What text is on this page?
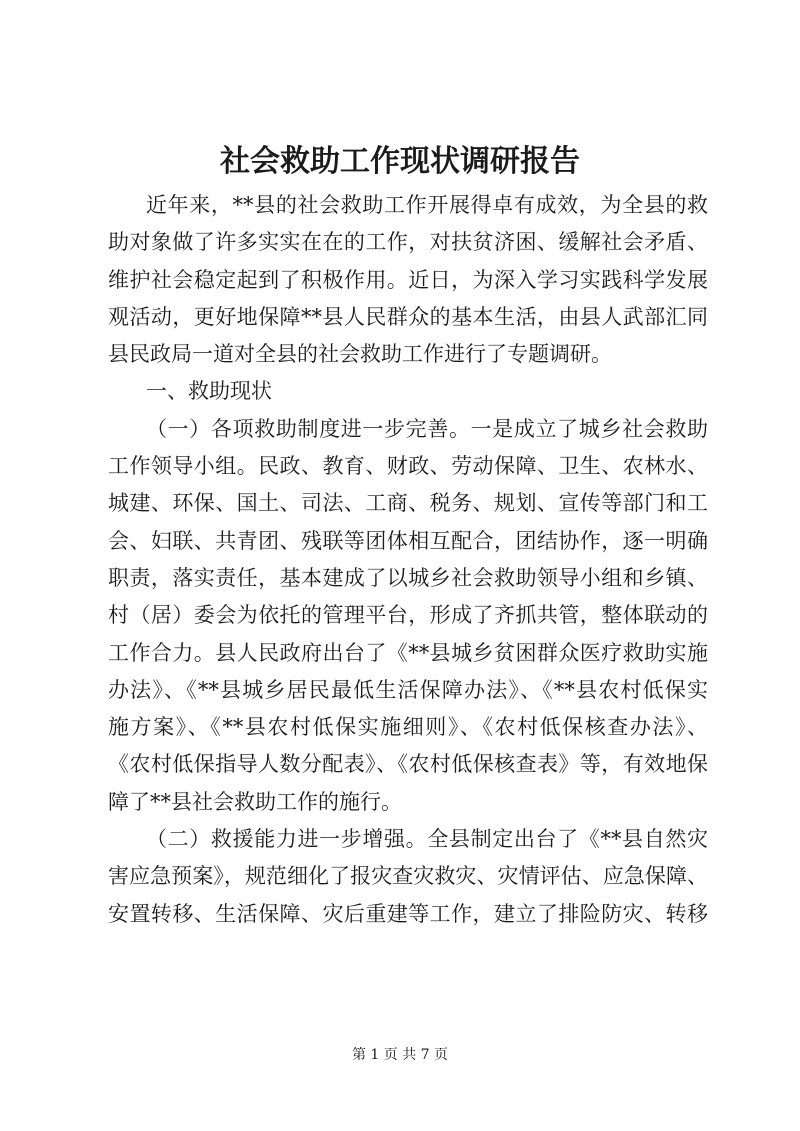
社会救助工作现状调研报告
近年来，**县的社会救助工作开展得卓有成效，为全县的救
助对象做了许多实实在在的工作，对扶贫济困、缓解社会矛盾、
维护社会稳定起到了积极作用。近日，为深入学习实践科学发展
观活动，更好地保障**县人民群众的基本生活，由县人武部汇同
县民政局一道对全县的社会救助工作进行了专题调研。
一、救助现状
（一）各项救助制度进一步完善。一是成立了城乡社会救助
工作领导小组。民政、教育、财政、劳动保障、卫生、农林水、
城建、环保、国土、司法、工商、税务、规划、宣传等部门和工
会、妇联、共青团、残联等团体相互配合，团结协作，逐一明确
职责，落实责任，基本建成了以城乡社会救助领导小组和乡镇、
村（居）委会为依托的管理平台，形成了齐抓共管，整体联动的
工作合力。县人民政府出台了《**县城乡贫困群众医疗救助实施
办法》、《**县城乡居民最低生活保障办法》、《**县农村低保实
施方案》、《**县农村低保实施细则》、《农村低保核查办法》、
《农村低保指导人数分配表》、《农村低保核查表》等，有效地保
障了**县社会救助工作的施行。
（二）救援能力进一步增强。全县制定出台了《**县自然灾
害应急预案》，规范细化了报灾查灾救灾、灾情评估、应急保障、
安置转移、生活保障、灾后重建等工作，建立了排险防灾、转移
第 1 页 共 7 页
